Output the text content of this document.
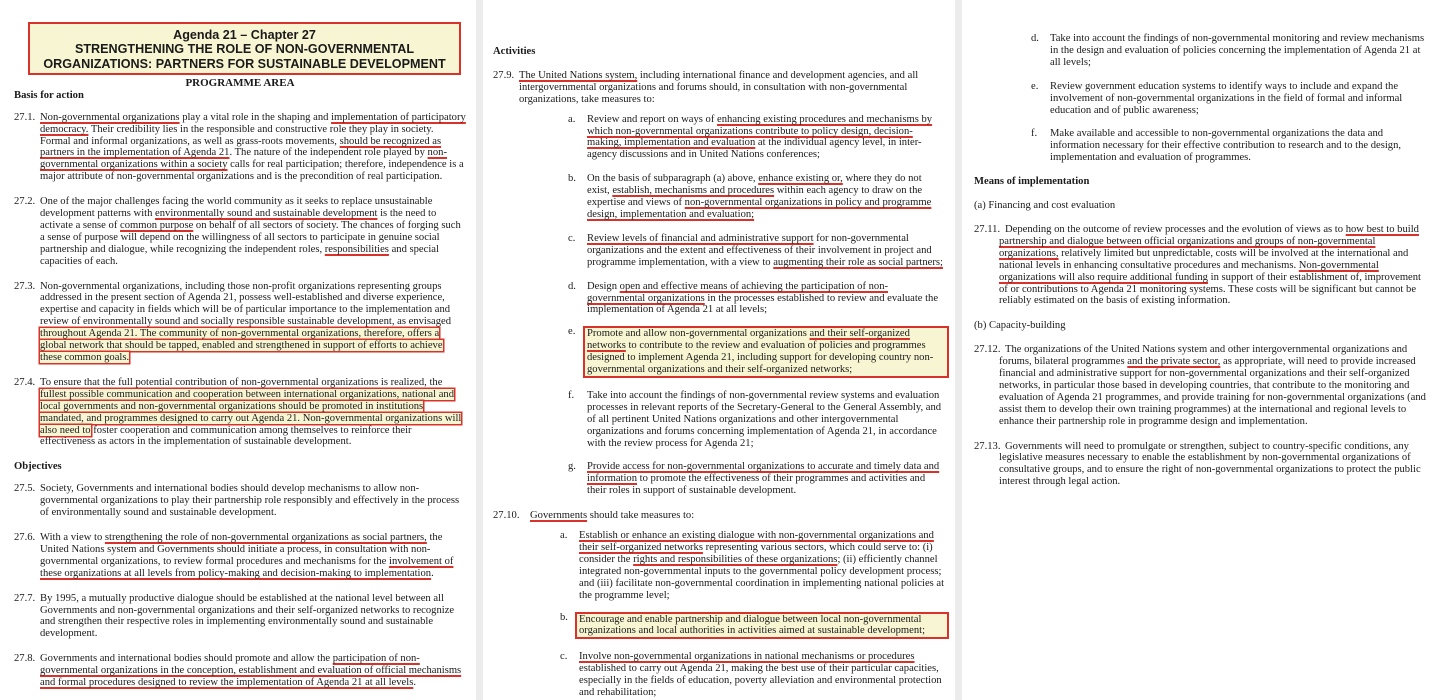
Agenda 21 – Chapter 27
STRENGTHENING THE ROLE OF NON-GOVERNMENTAL
ORGANIZATIONS: PARTNERS FOR SUSTAINABLE DEVELOPMENT
PROGRAMME AREA
Basis for action
27.1. Non-governmental organizations play a vital role in the shaping and implementation of participatory democracy. Their credibility lies in the responsible and constructive role they play in society. Formal and informal organizations, as well as grass-roots movements, should be recognized as partners in the implementation of Agenda 21. The nature of the independent role played by non-governmental organizations within a society calls for real participation; therefore, independence is a major attribute of non-governmental organizations and is the precondition of real participation.
27.2. One of the major challenges facing the world community as it seeks to replace unsustainable development patterns with environmentally sound and sustainable development is the need to activate a sense of common purpose on behalf of all sectors of society. The chances of forging such a sense of purpose will depend on the willingness of all sectors to participate in genuine social partnership and dialogue, while recognizing the independent roles, responsibilities and special capacities of each.
27.3. Non-governmental organizations, including those non-profit organizations representing groups addressed in the present section of Agenda 21, possess well-established and diverse experience, expertise and capacity in fields which will be of particular importance to the implementation and review of environmentally sound and socially responsible sustainable development, as envisaged throughout Agenda 21. The community of non-governmental organizations, therefore, offers a global network that should be tapped, enabled and strengthened in support of efforts to achieve these common goals.
27.4. To ensure that the full potential contribution of non-governmental organizations is realized, the fullest possible communication and cooperation between international organizations, national and local governments and non-governmental organizations should be promoted in institutions mandated, and programmes designed to carry out Agenda 21. Non-governmental organizations will also need to foster cooperation and communication among themselves to reinforce their effectiveness as actors in the implementation of sustainable development.
Objectives
27.5. Society, Governments and international bodies should develop mechanisms to allow non-governmental organizations to play their partnership role responsibly and effectively in the process of environmentally sound and sustainable development.
27.6. With a view to strengthening the role of non-governmental organizations as social partners, the United Nations system and Governments should initiate a process, in consultation with non-governmental organizations, to review formal procedures and mechanisms for the involvement of these organizations at all levels from policy-making and decision-making to implementation.
27.7. By 1995, a mutually productive dialogue should be established at the national level between all Governments and non-governmental organizations and their self-organized networks to recognize and strengthen their respective roles in implementing environmentally sound and sustainable development.
27.8. Governments and international bodies should promote and allow the participation of non-governmental organizations in the conception, establishment and evaluation of official mechanisms and formal procedures designed to review the implementation of Agenda 21 at all levels.
Activities
27.9. The United Nations system, including international finance and development agencies, and all intergovernmental organizations and forums should, in consultation with non-governmental organizations, take measures to:
a. Review and report on ways of enhancing existing procedures and mechanisms by which non-governmental organizations contribute to policy design, decision-making, implementation and evaluation at the individual agency level, in inter-agency discussions and in United Nations conferences;
b. On the basis of subparagraph (a) above, enhance existing or, where they do not exist, establish, mechanisms and procedures within each agency to draw on the expertise and views of non-governmental organizations in policy and programme design, implementation and evaluation;
c. Review levels of financial and administrative support for non-governmental organizations and the extent and effectiveness of their involvement in project and programme implementation, with a view to augmenting their role as social partners;
d. Design open and effective means of achieving the participation of non-governmental organizations in the processes established to review and evaluate the implementation of Agenda 21 at all levels;
e.	Promote and allow non-governmental organizations and their self-organized networks to contribute to the review and evaluation of policies and programmes designed to implement Agenda 21, including support for developing country non-governmental organizations and their self-organized networks;
f. Take into account the findings of non-governmental review systems and evaluation processes in relevant reports of the Secretary-General to the General Assembly, and of all pertinent United Nations organizations and other intergovernmental organizations and forums concerning implementation of Agenda 21, in accordance with the review process for Agenda 21;
g. Provide access for non-governmental organizations to accurate and timely data and information to promote the effectiveness of their programmes and activities and their roles in support of sustainable development.
27.10. Governments should take measures to:
a. Establish or enhance an existing dialogue with non-governmental organizations and their self-organized networks representing various sectors, which could serve to: (i) consider the rights and responsibilities of these organizations; (ii) efficiently channel integrated non-governmental inputs to the governmental policy development process; and (iii) facilitate non-governmental coordination in implementing national policies at the programme level;
b.	Encourage and enable partnership and dialogue between local non-governmental organizations and local authorities in activities aimed at sustainable development;
c. Involve non-governmental organizations in national mechanisms or procedures established to carry out Agenda 21, making the best use of their particular capacities, especially in the fields of education, poverty alleviation and environmental protection and rehabilitation;
d. Take into account the findings of non-governmental monitoring and review mechanisms in the design and evaluation of policies concerning the implementation of Agenda 21 at all levels;
e. Review government education systems to identify ways to include and expand the involvement of non-governmental organizations in the field of formal and informal education and of public awareness;
f. Make available and accessible to non-governmental organizations the data and information necessary for their effective contribution to research and to the design, implementation and evaluation of programmes.
Means of implementation
(a) Financing and cost evaluation
27.11. Depending on the outcome of review processes and the evolution of views as to how best to build partnership and dialogue between official organizations and groups of non-governmental organizations, relatively limited but unpredictable, costs will be involved at the international and national levels in enhancing consultative procedures and mechanisms. Non-governmental organizations will also require additional funding in support of their establishment of, improvement of or contributions to Agenda 21 monitoring systems. These costs will be significant but cannot be reliably estimated on the basis of existing information.
(b) Capacity-building
27.12. The organizations of the United Nations system and other intergovernmental organizations and forums, bilateral programmes and the private sector, as appropriate, will need to provide increased financial and administrative support for non-governmental organizations and their self-organized networks, in particular those based in developing countries, that contribute to the monitoring and evaluation of Agenda 21 programmes, and provide training for non-governmental organizations (and assist them to develop their own training programmes) at the international and regional levels to enhance their partnership role in programme design and implementation.
27.13. Governments will need to promulgate or strengthen, subject to country-specific conditions, any legislative measures necessary to enable the establishment by non-governmental organizations of consultative groups, and to ensure the right of non-governmental organizations to protect the public interest through legal action.
